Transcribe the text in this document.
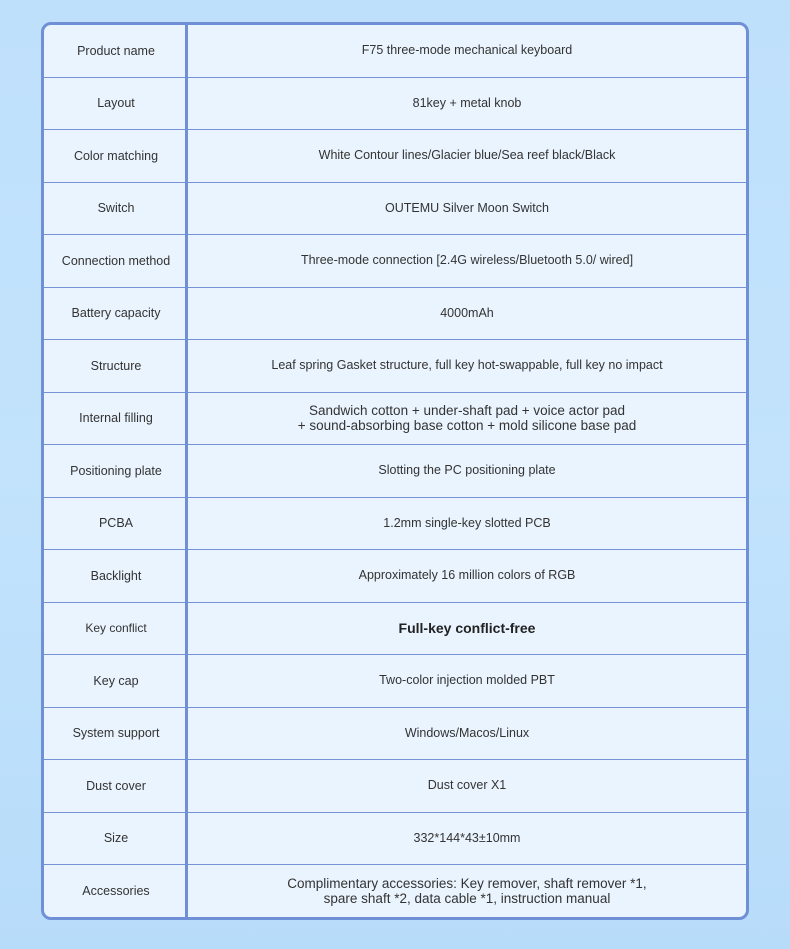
Product name	F75 three-mode mechanical keyboard
Layout	81key + metal knob
Color matching	White Contour lines/Glacier blue/Sea reef black/Black
Switch	OUTEMU Silver Moon Switch
Connection method	Three-mode connection [2.4G wireless/Bluetooth 5.0/ wired]
Battery capacity	4000mAh
Structure	Leaf spring Gasket structure, full key hot-swappable, full key no impact
Internal filling	Sandwich cotton + under-shaft pad + voice actor pad
+ sound-absorbing base cotton + mold silicone base pad
Positioning plate	Slotting the PC positioning plate
PCBA	1.2mm single-key slotted PCB
Backlight	Approximately 16 million colors of RGB
Key conflict	Full-key conflict-free
Key cap	Two-color injection molded PBT
System support	Windows/Macos/Linux
Dust cover	Dust cover X1
Size	332*144*43±10mm
Accessories	Complimentary accessories: Key remover, shaft remover *1,
spare shaft *2, data cable *1, instruction manual
